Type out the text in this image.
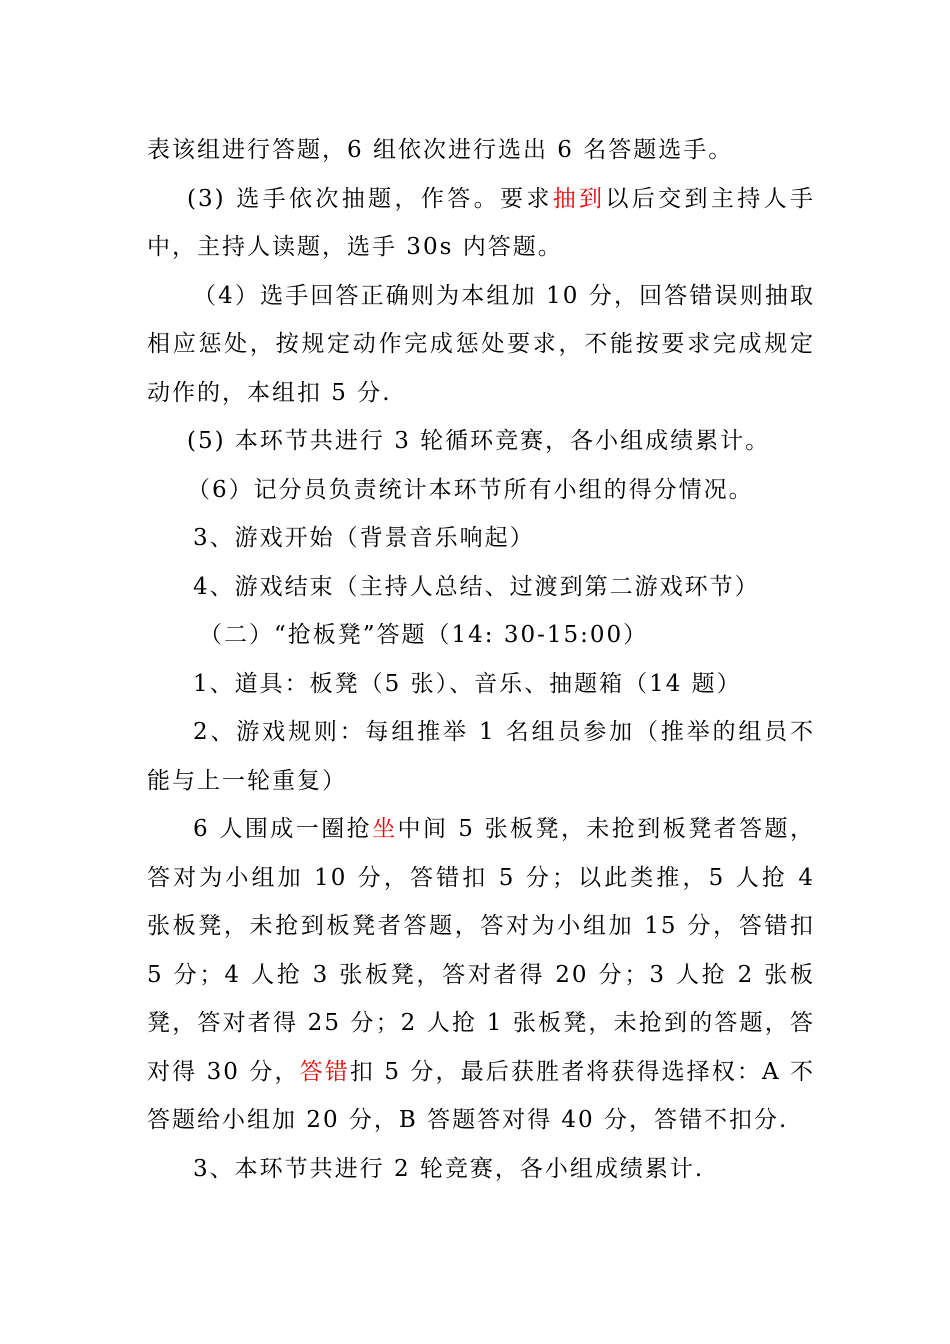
表该组进行答题，6 组依次进行选出 6 名答题选手。

(3) 选手依次抽题，作答。要求抽到以后交到主持人手中，主持人读题，选手 30s 内答题。

（4）选手回答正确则为本组加 10 分，回答错误则抽取相应惩处，按规定动作完成惩处要求，不能按要求完成规定动作的，本组扣 5 分.

(5) 本环节共进行 3 轮循环竞赛，各小组成绩累计。

（6）记分员负责统计本环节所有小组的得分情况。

3、游戏开始（背景音乐响起）

4、游戏结束（主持人总结、过渡到第二游戏环节）

（二）“抢板凳”答题（14: 30-15:00）

1、道具：板凳（5 张）、音乐、抽题箱（14 题）

2、游戏规则：每组推举 1 名组员参加（推举的组员不能与上一轮重复）

6 人围成一圈抢坐中间 5 张板凳，未抢到板凳者答题，答对为小组加 10 分，答错扣 5 分；以此类推，5 人抢 4 张板凳，未抢到板凳者答题，答对为小组加 15 分，答错扣 5 分；4 人抢 3 张板凳，答对者得 20 分；3 人抢 2 张板凳，答对者得 25 分；2 人抢 1 张板凳，未抢到的答题，答对得 30 分，答错扣 5 分，最后获胜者将获得选择权：A 不答题给小组加 20 分，B 答题答对得 40 分，答错不扣分.

3、本环节共进行 2 轮竞赛，各小组成绩累计.
